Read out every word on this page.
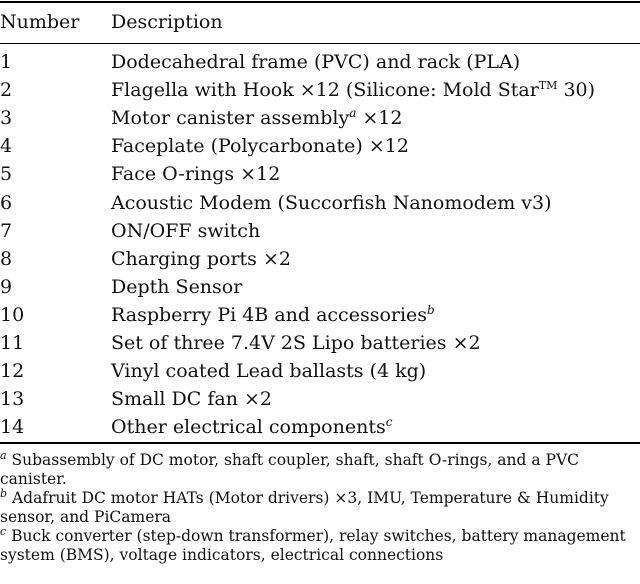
Number Description
1	Dodecahedral frame (PVC) and rack (PLA)
2	Flagella with Hook ×12 (Silicone: Mold Star™ 30)
3	Motor canister assembly$^a$ ×12
4	Faceplate (Polycarbonate) ×12
5	Face O-rings ×12
6	Acoustic Modem (Succorfish Nanomodem v3)
7	ON/OFF switch
8	Charging ports ×2
9	Depth Sensor
10	Raspberry Pi 4B and accessories$^b$
11	Set of three 7.4V 2S Lipo batteries ×2
12	Vinyl coated Lead ballasts (4 kg)
13	Small DC fan ×2
14	Other electrical components$^c$

$^a$ Subassembly of DC motor, shaft coupler, shaft, shaft O-rings, and a PVC canister.

$^b$ Adafruit DC motor HATs (Motor drivers) ×3, IMU, Temperature & Humidity sensor, and PiCamera

$^c$ Buck converter (step-down transformer), relay switches, battery management system (BMS), voltage indicators, electrical connections
